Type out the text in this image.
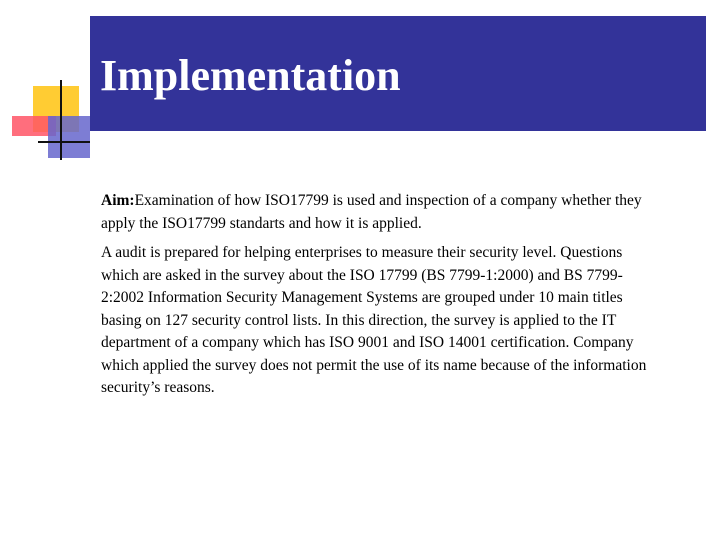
Implementation

Aim:Examination of how ISO17799 is used and inspection of a company whether they apply the ISO17799 standarts and how it is applied.

A audit is prepared for helping enterprises to measure their security level. Questions which are asked in the survey about the ISO 17799 (BS 7799-1:2000) and BS 7799-2:2002 Information Security Management Systems are grouped under 10 main titles basing on 127 security control lists. In this direction, the survey is applied to the IT department of a company which has ISO 9001 and ISO 14001 certification. Company which applied the survey does not permit the use of its name because of the information security’s reasons.
